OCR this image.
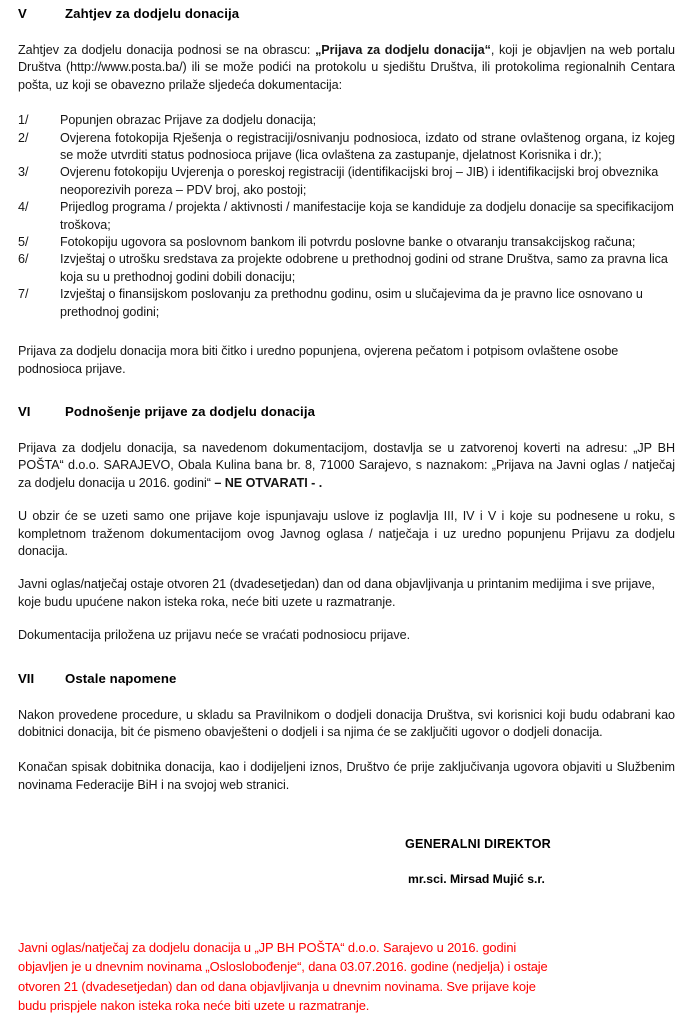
V	Zahtjev za dodjelu donacija

Zahtjev za dodjelu donacija podnosi se na obrascu: „Prijava za dodjelu donacija“, koji je objavljen na web portalu Društva (http://www.posta.ba/) ili se može podići na protokolu u sjedištu Društva, ili protokolima regionalnih Centara pošta, uz koji se obavezno prilaže sljedeća dokumentacija:

1/	Popunjen obrazac Prijave za dodjelu donacija;
2/	Ovjerena fotokopija Rješenja o registraciji/osnivanju podnosioca, izdato od strane ovlaštenog organa, iz kojeg se može utvrditi status podnosioca prijave (lica ovlaštena za zastupanje, djelatnost Korisnika i dr.);
3/	Ovjerenu fotokopiju Uvjerenja o poreskoj registraciji (identifikacijski broj – JIB) i identifikacijski broj obveznika neoporezivih poreza – PDV broj, ako postoji;
4/	Prijedlog programa / projekta / aktivnosti / manifestacije koja se kandiduje za dodjelu donacije sa specifikacijom troškova;
5/	Fotokopiju ugovora sa poslovnom bankom ili potvrdu poslovne banke o otvaranju transakcijskog računa;
6/	Izvještaj o utrošku sredstava za projekte odobrene u prethodnoj godini od strane Društva, samo za pravna lica koja su u prethodnoj godini dobili donaciju;
7/	Izvještaj o finansijskom poslovanju za prethodnu godinu, osim u slučajevima da je pravno lice osnovano u prethodnoj godini;

Prijava za dodjelu donacija mora biti čitko i uredno popunjena, ovjerena pečatom i potpisom ovlaštene osobe podnosioca prijave.

VI	Podnošenje prijave za dodjelu donacija

Prijava za dodjelu donacija, sa navedenom dokumentacijom, dostavlja se u zatvorenoj koverti na adresu: „JP BH POŠTA“ d.o.o. SARAJEVO, Obala Kulina bana br. 8, 71000 Sarajevo, s naznakom: „Prijava na Javni oglas / natječaj za dodjelu donacija u 2016. godini“ – NE OTVARATI - .

U obzir će se uzeti samo one prijave koje ispunjavaju uslove iz poglavlja III, IV i V i koje su podnesene u roku, s kompletnom traženom dokumentacijom ovog Javnog oglasa / natječaja i uz uredno popunjenu Prijavu za dodjelu donacija.

Javni oglas/natječaj ostaje otvoren 21 (dvadesetjedan) dan od dana objavljivanja u printanim medijima i sve prijave, koje budu upućene nakon isteka roka, neće biti uzete u razmatranje.

Dokumentacija priložena uz prijavu neće se vraćati podnosiocu prijave.

VII	Ostale napomene

Nakon provedene procedure, u skladu sa Pravilnikom o dodjeli donacija Društva, svi korisnici koji budu odabrani kao dobitnici donacija, bit će pismeno obavješteni o dodjeli i sa njima će se zaključiti ugovor o dodjeli donacija.

Konačan spisak dobitnika donacija, kao i dodijeljeni iznos, Društvo će prije zaključivanja ugovora objaviti u Službenim novinama Federacije BiH i na svojoj web stranici.

GENERALNI DIREKTOR
mr.sci. Mirsad Mujić s.r.

Javni oglas/natječaj za dodjelu donacija u „JP BH POŠTA“ d.o.o. Sarajevo u 2016. godini

objavljen je u dnevnim novinama „Osloslobođenje“, dana 03.07.2016. godine (nedjelja) i ostaje

otvoren 21 (dvadesetjedan) dan od dana objavljivanja u dnevnim novinama. Sve prijave koje

budu prispjele nakon isteka roka neće biti uzete u razmatranje.
